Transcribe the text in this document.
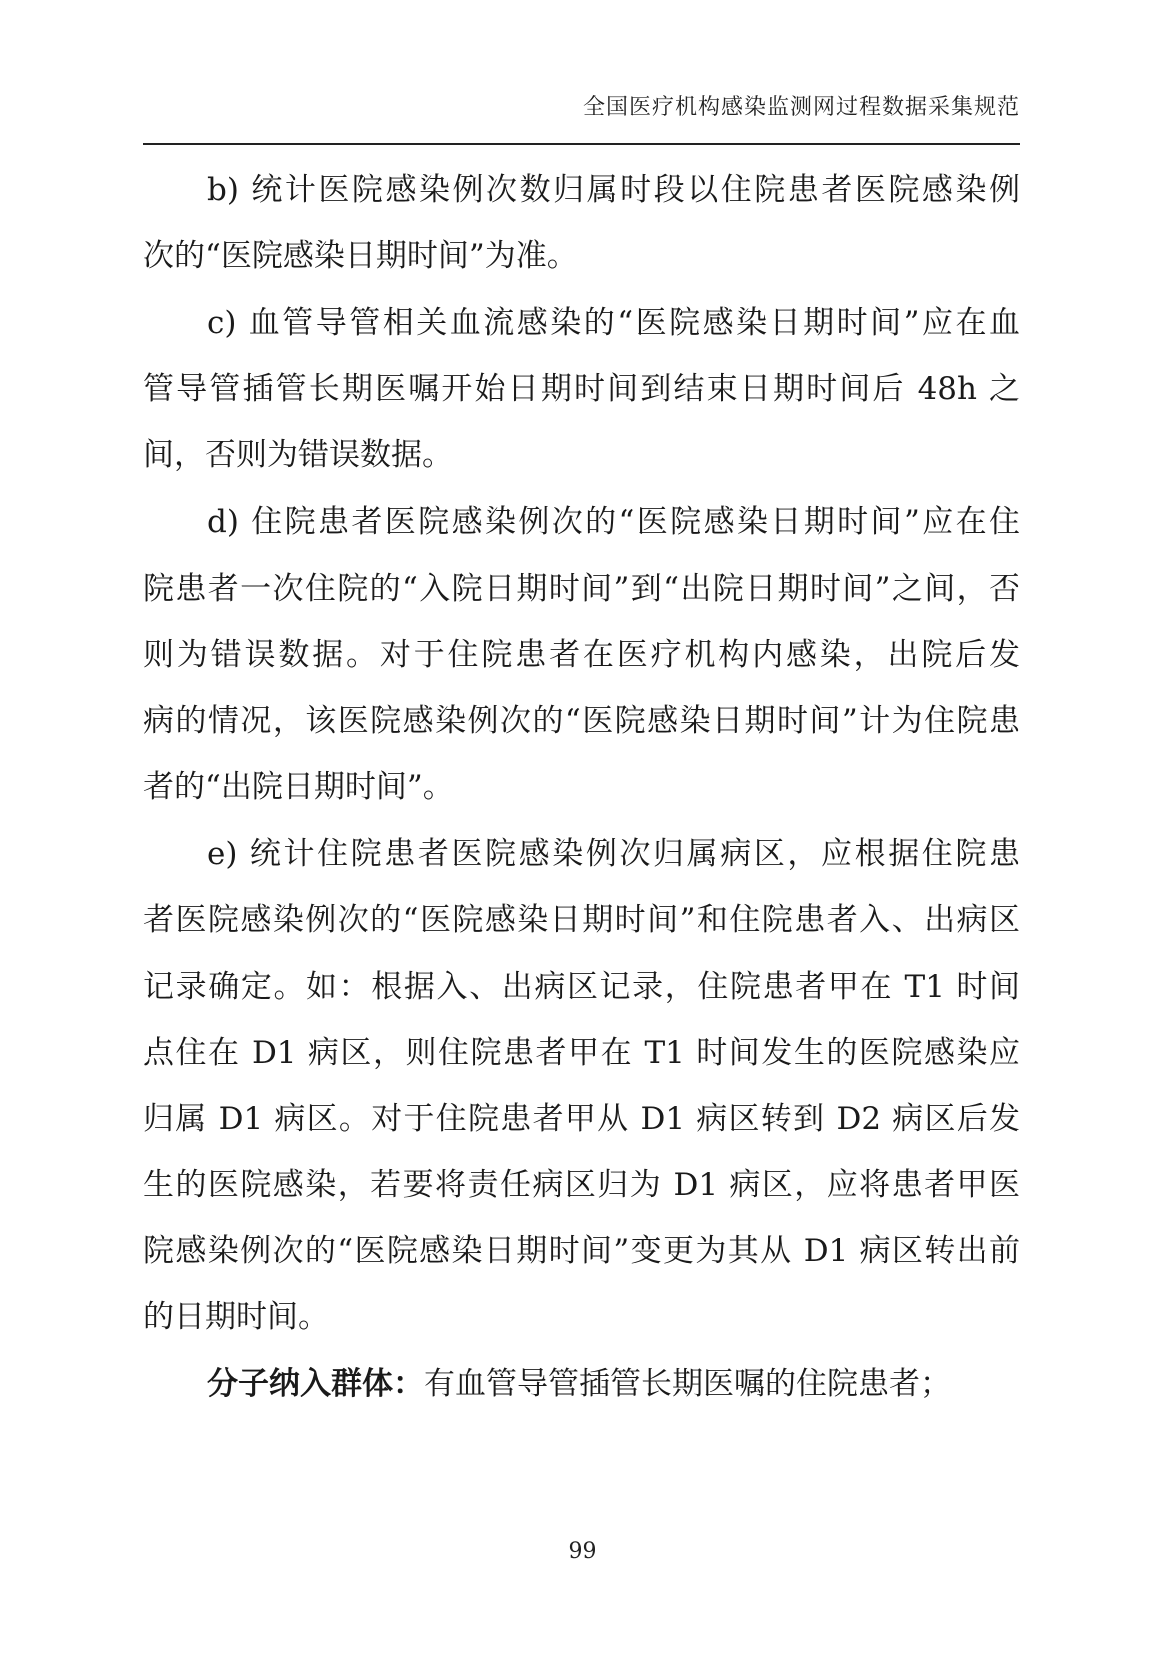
全国医疗机构感染监测网过程数据采集规范
b) 统计医院感染例次数归属时段以住院患者医院感染例
次的“医院感染日期时间”为准。
c) 血管导管相关血流感染的“医院感染日期时间”应在血
管导管插管长期医嘱开始日期时间到结束日期时间后 48h 之
间，否则为错误数据。
d) 住院患者医院感染例次的“医院感染日期时间”应在住
院患者一次住院的“入院日期时间”到“出院日期时间”之间，否
则为错误数据。对于住院患者在医疗机构内感染，出院后发
病的情况，该医院感染例次的“医院感染日期时间”计为住院患
者的“出院日期时间”。
e) 统计住院患者医院感染例次归属病区，应根据住院患
者医院感染例次的“医院感染日期时间”和住院患者入、出病区
记录确定。如：根据入、出病区记录，住院患者甲在 T1 时间
点住在 D1 病区，则住院患者甲在 T1 时间发生的医院感染应
归属 D1 病区。对于住院患者甲从 D1 病区转到 D2 病区后发
生的医院感染，若要将责任病区归为 D1 病区，应将患者甲医
院感染例次的“医院感染日期时间”变更为其从 D1 病区转出前
的日期时间。
分子纳入群体：有血管导管插管长期医嘱的住院患者；
99
